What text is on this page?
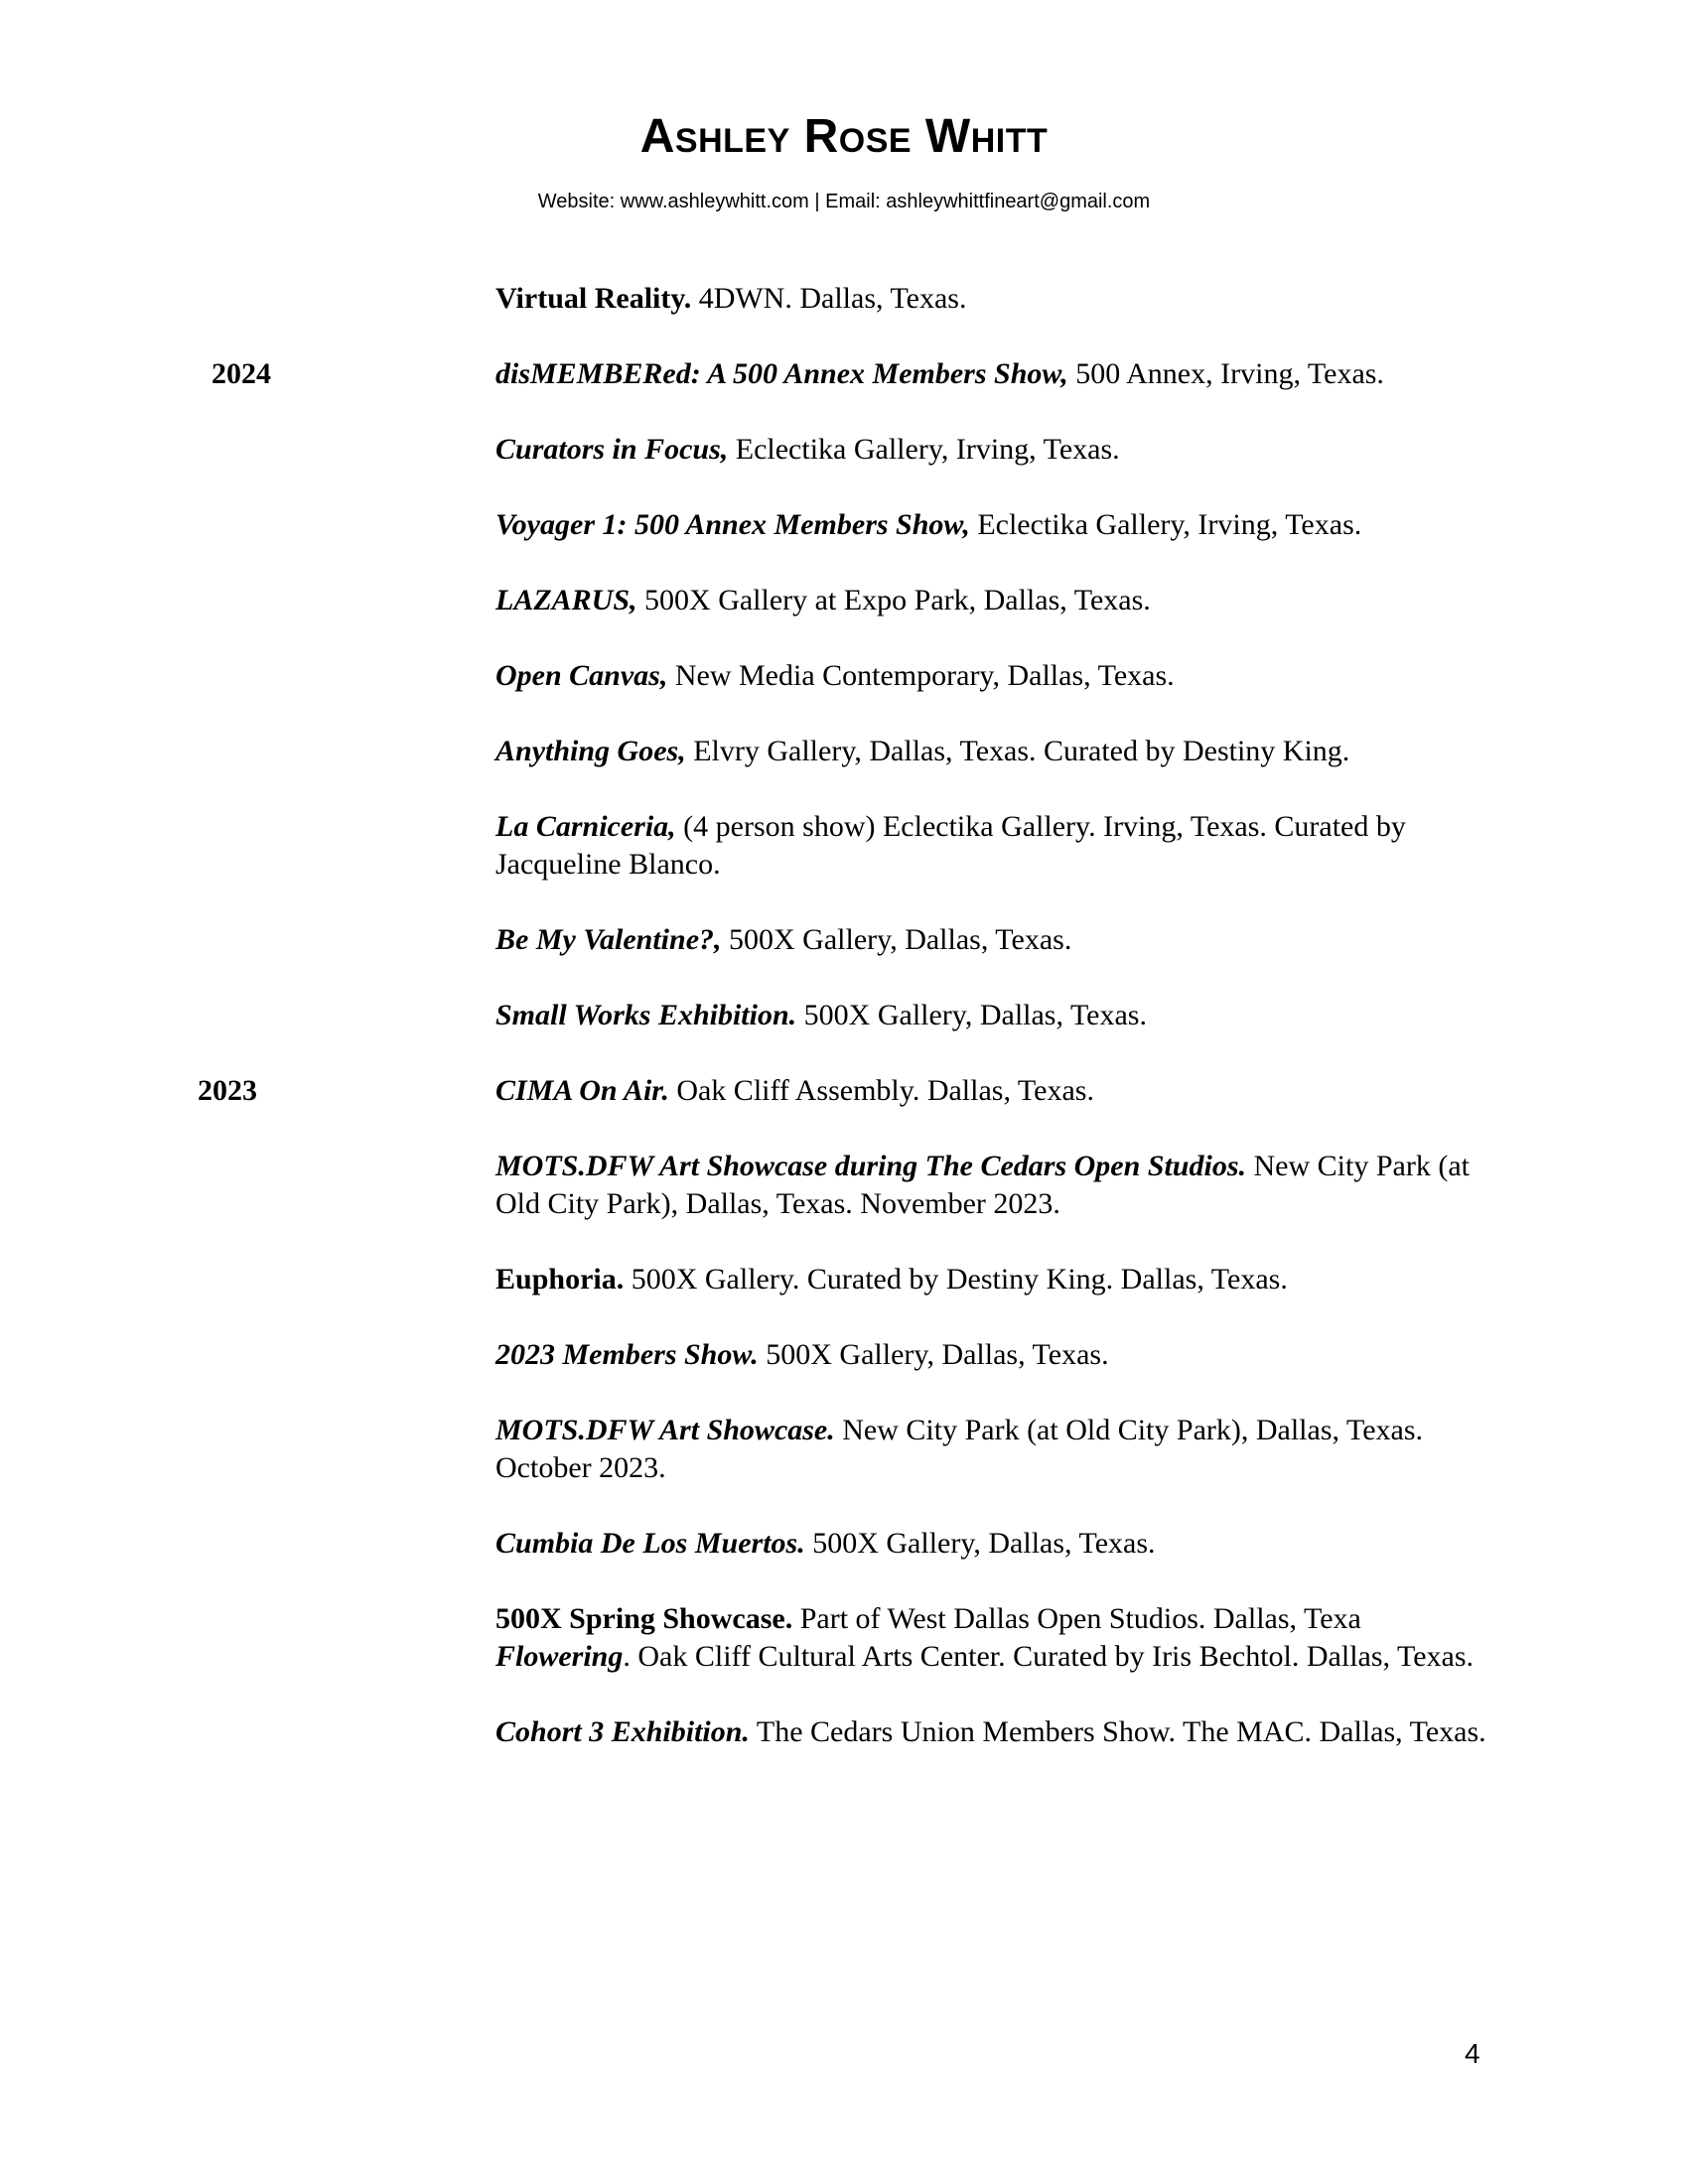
Ashley Rose Whitt
Website: www.ashleywhitt.com | Email: ashleywhittfineart@gmail.com
Virtual Reality. 4DWN. Dallas, Texas.
2024	disMEMBERed: A 500 Annex Members Show, 500 Annex, Irving, Texas.
Curators in Focus, Eclectika Gallery, Irving, Texas.
Voyager 1: 500 Annex Members Show, Eclectika Gallery, Irving, Texas.
LAZARUS, 500X Gallery at Expo Park, Dallas, Texas.
Open Canvas, New Media Contemporary, Dallas, Texas.
Anything Goes, Elvry Gallery, Dallas, Texas. Curated by Destiny King.
La Carniceria, (4 person show) Eclectika Gallery. Irving, Texas. Curated by Jacqueline Blanco.
Be My Valentine?, 500X Gallery, Dallas, Texas.
Small Works Exhibition. 500X Gallery, Dallas, Texas.
2023	CIMA On Air. Oak Cliff Assembly. Dallas, Texas.
MOTS.DFW Art Showcase during The Cedars Open Studios. New City Park (at Old City Park), Dallas, Texas. November 2023.
Euphoria. 500X Gallery. Curated by Destiny King. Dallas, Texas.
2023 Members Show. 500X Gallery, Dallas, Texas.
MOTS.DFW Art Showcase. New City Park (at Old City Park), Dallas, Texas. October 2023.
Cumbia De Los Muertos. 500X Gallery, Dallas, Texas.
500X Spring Showcase. Part of West Dallas Open Studios. Dallas, Texa
Flowering. Oak Cliff Cultural Arts Center. Curated by Iris Bechtol. Dallas, Texas.
Cohort 3 Exhibition. The Cedars Union Members Show. The MAC. Dallas, Texas.
4
